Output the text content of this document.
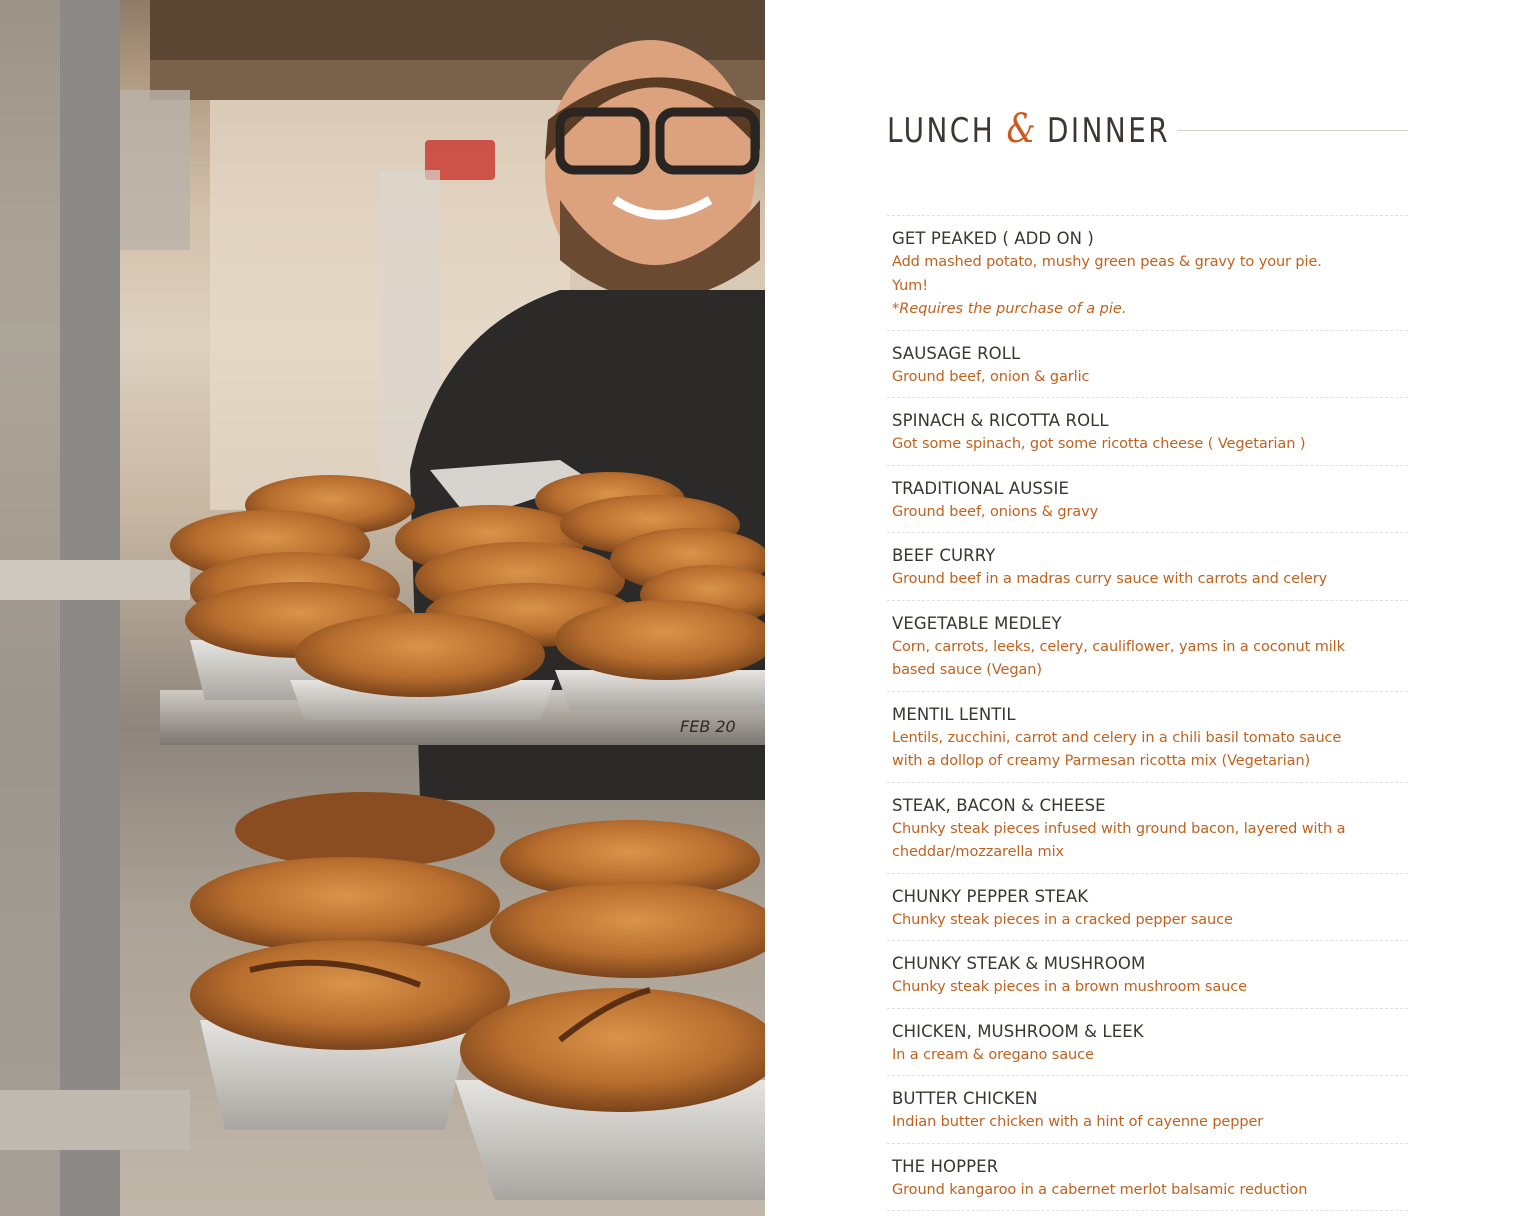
FEB 20
LUNCH & DINNER
GET PEAKED ( ADD ON )
Add mashed potato, mushy green peas & gravy to your pie.
Yum!
*Requires the purchase of a pie.
SAUSAGE ROLL
Ground beef, onion & garlic
SPINACH & RICOTTA ROLL
Got some spinach, got some ricotta cheese ( Vegetarian )
TRADITIONAL AUSSIE
Ground beef, onions & gravy
BEEF CURRY
Ground beef in a madras curry sauce with carrots and celery
VEGETABLE MEDLEY
Corn, carrots, leeks, celery, cauliflower, yams in a coconut milk
based sauce (Vegan)
MENTIL LENTIL
Lentils, zucchini, carrot and celery in a chili basil tomato sauce
with a dollop of creamy Parmesan ricotta mix (Vegetarian)
STEAK, BACON & CHEESE
Chunky steak pieces infused with ground bacon, layered with a
cheddar/mozzarella mix
CHUNKY PEPPER STEAK
Chunky steak pieces in a cracked pepper sauce
CHUNKY STEAK & MUSHROOM
Chunky steak pieces in a brown mushroom sauce
CHICKEN, MUSHROOM & LEEK
In a cream & oregano sauce
BUTTER CHICKEN
Indian butter chicken with a hint of cayenne pepper
THE HOPPER
Ground kangaroo in a cabernet merlot balsamic reduction
